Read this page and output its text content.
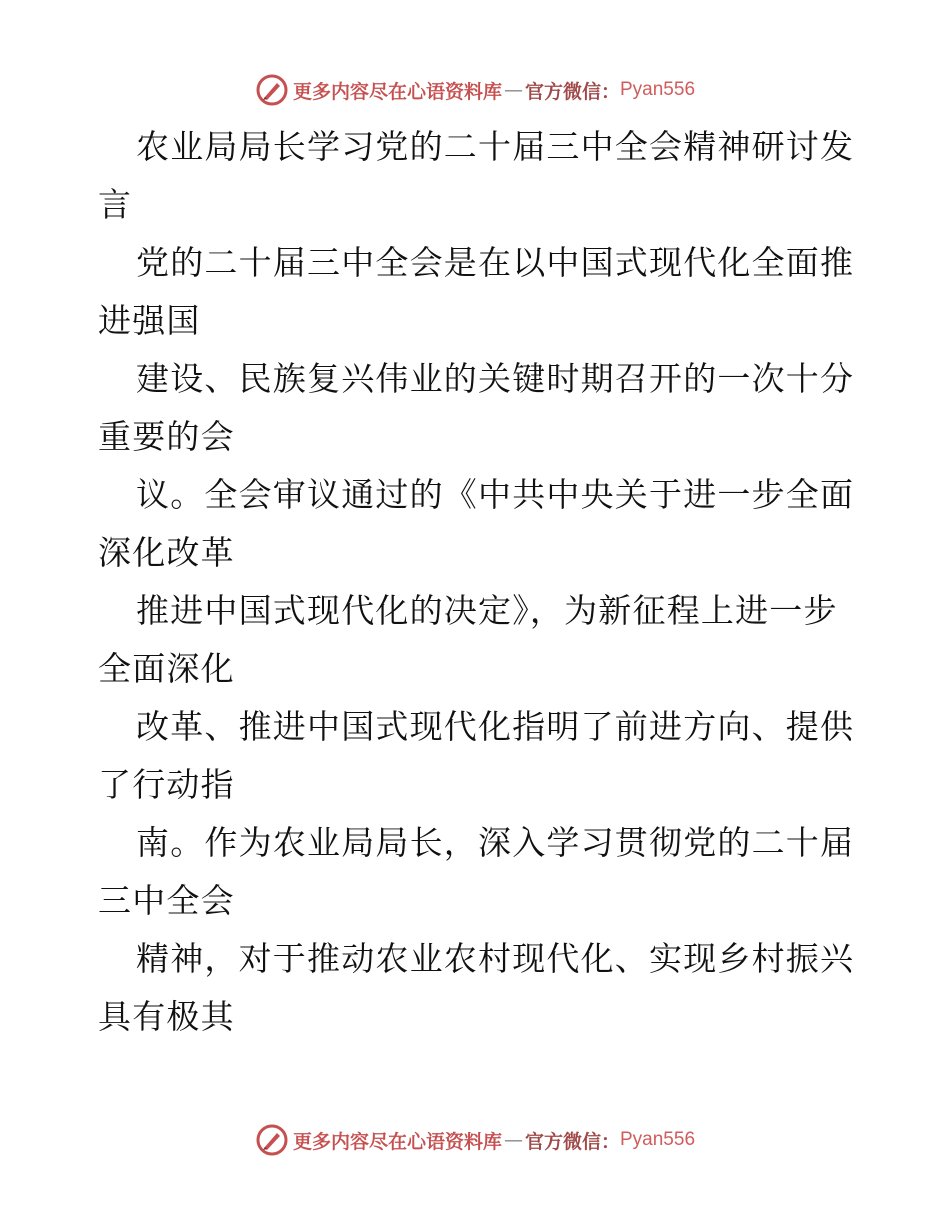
更多内容尽在心语资料库 — 官方微信： Pyan556

农业局局长学习党的二十届三中全会精神研讨发言

党的二十届三中全会是在以中国式现代化全面推进强国

建设、民族复兴伟业的关键时期召开的一次十分重要的会

议。全会审议通过的《中共中央关于进一步全面深化改革

推进中国式现代化的决定》，为新征程上进一步全面深化

改革、推进中国式现代化指明了前进方向、提供了行动指

南。作为农业局局长，深入学习贯彻党的二十届三中全会

精神，对于推动农业农村现代化、实现乡村振兴具有极其

更多内容尽在心语资料库 — 官方微信： Pyan556
